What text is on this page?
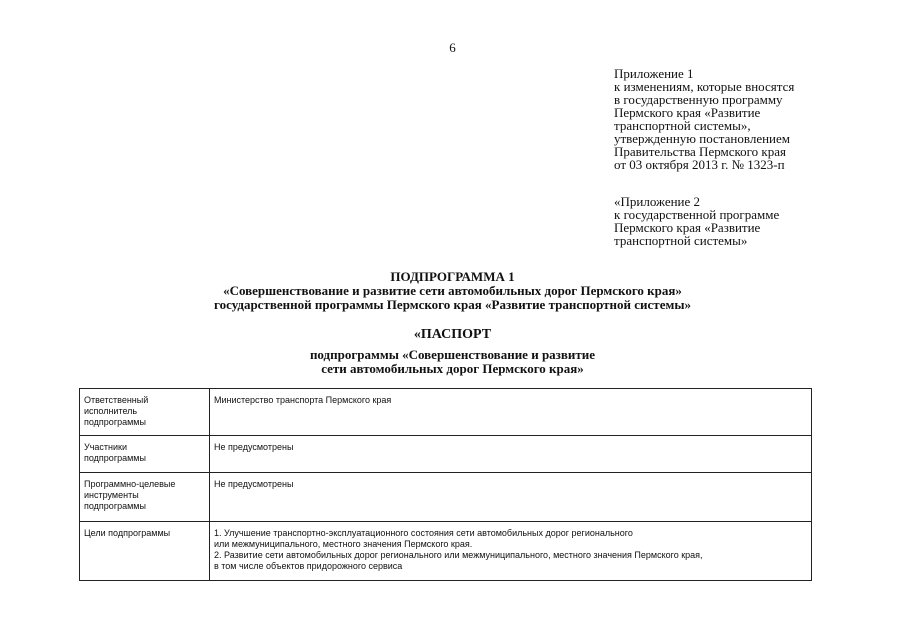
6
Приложение 1
к изменениям, которые вносятся
в государственную программу
Пермского края «Развитие
транспортной системы»,
утвержденную постановлением
Правительства Пермского края
от 03 октября 2013 г. № 1323-п
«Приложение 2
к государственной программе
Пермского края «Развитие
транспортной системы»
ПОДПРОГРАММА 1
«Совершенствование и развитие сети автомобильных дорог Пермского края»
государственной программы Пермского края «Развитие транспортной системы»
«ПАСПОРТ
подпрограммы «Совершенствование и развитие
сети автомобильных дорог Пермского края»
Ответственный
исполнитель
подпрограммы	Министерство транспорта Пермского края

Участники
подпрограммы	Не предусмотрены

Программно-целевые
инструменты
подпрограммы	Не предусмотрены

Цели подпрограммы	1. Улучшение транспортно-эксплуатационного состояния сети автомобильных дорог регионального
или межмуниципального, местного значения Пермского края.
2. Развитие сети автомобильных дорог регионального или межмуниципального, местного значения Пермского края,
в том числе объектов придорожного сервиса
